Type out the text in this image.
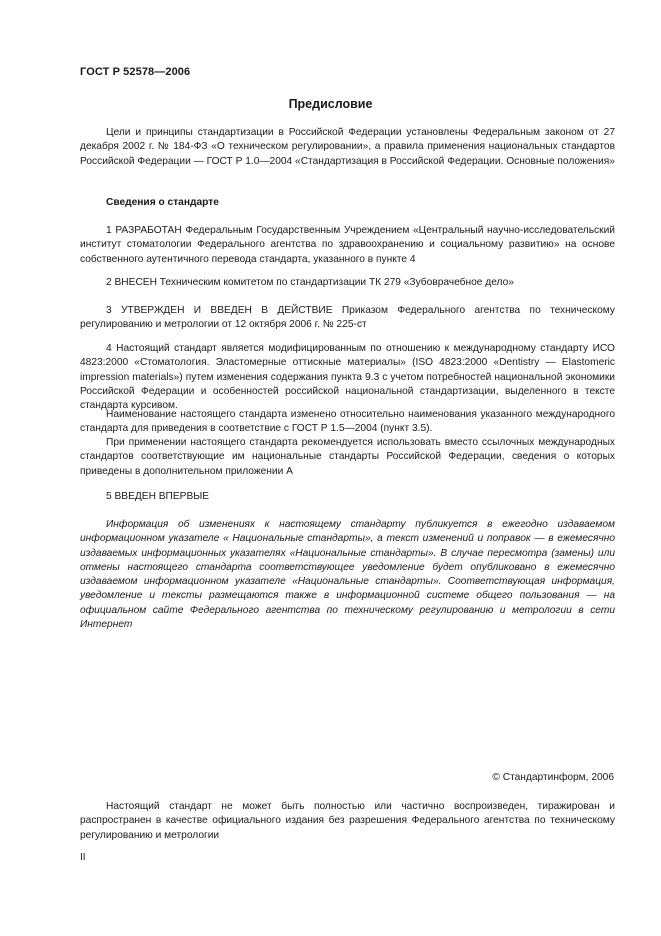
ГОСТ Р 52578—2006
Предисловие
Цели и принципы стандартизации в Российской Федерации установлены Федеральным законом от 27 декабря 2002 г. № 184-ФЗ «О техническом регулировании», а правила применения национальных стандартов Российской Федерации — ГОСТ Р 1.0—2004 «Стандартизация в Российской Федерации. Основные положения»
Сведения о стандарте
1 РАЗРАБОТАН Федеральным Государственным Учреждением «Центральный научно-исследовательский институт стоматологии Федерального агентства по здравоохранению и социальному развитию» на основе собственного аутентичного перевода стандарта, указанного в пункте 4
2 ВНЕСЕН Техническим комитетом по стандартизации ТК 279 «Зубоврачебное дело»
3 УТВЕРЖДЕН И ВВЕДЕН В ДЕЙСТВИЕ Приказом Федерального агентства по техническому регулированию и метрологии от 12 октября 2006 г. № 225-ст
4 Настоящий стандарт является модифицированным по отношению к международному стандарту ИСО 4823:2000 «Стоматология. Эластомерные оттискные материалы» (ISO 4823:2000 «Dentistry — Elastomeric impression materials») путем изменения содержания пункта 9.3 с учетом потребностей национальной экономики Российской Федерации и особенностей российской национальной стандартизации, выделенного в тексте стандарта курсивом.
Наименование настоящего стандарта изменено относительно наименования указанного международного стандарта для приведения в соответствие с ГОСТ Р 1.5—2004 (пункт 3.5).
При применении настоящего стандарта рекомендуется использовать вместо ссылочных международных стандартов соответствующие им национальные стандарты Российской Федерации, сведения о которых приведены в дополнительном приложении А
5 ВВЕДЕН ВПЕРВЫЕ
Информация об изменениях к настоящему стандарту публикуется в ежегодно издаваемом информационном указателе « Национальные стандарты», а текст изменений и поправок — в ежемесячно издаваемых информационных указателях «Национальные стандарты». В случае пересмотра (замены) или отмены настоящего стандарта соответствующее уведомление будет опубликовано в ежемесячно издаваемом информационном указателе «Национальные стандарты». Соответствующая информация, уведомление и тексты размещаются также в информационной системе общего пользования — на официальном сайте Федерального агентства по техническому регулированию и метрологии в сети Интернет
© Стандартинформ, 2006
Настоящий стандарт не может быть полностью или частично воспроизведен, тиражирован и распространен в качестве официального издания без разрешения Федерального агентства по техническому регулированию и метрологии
II
